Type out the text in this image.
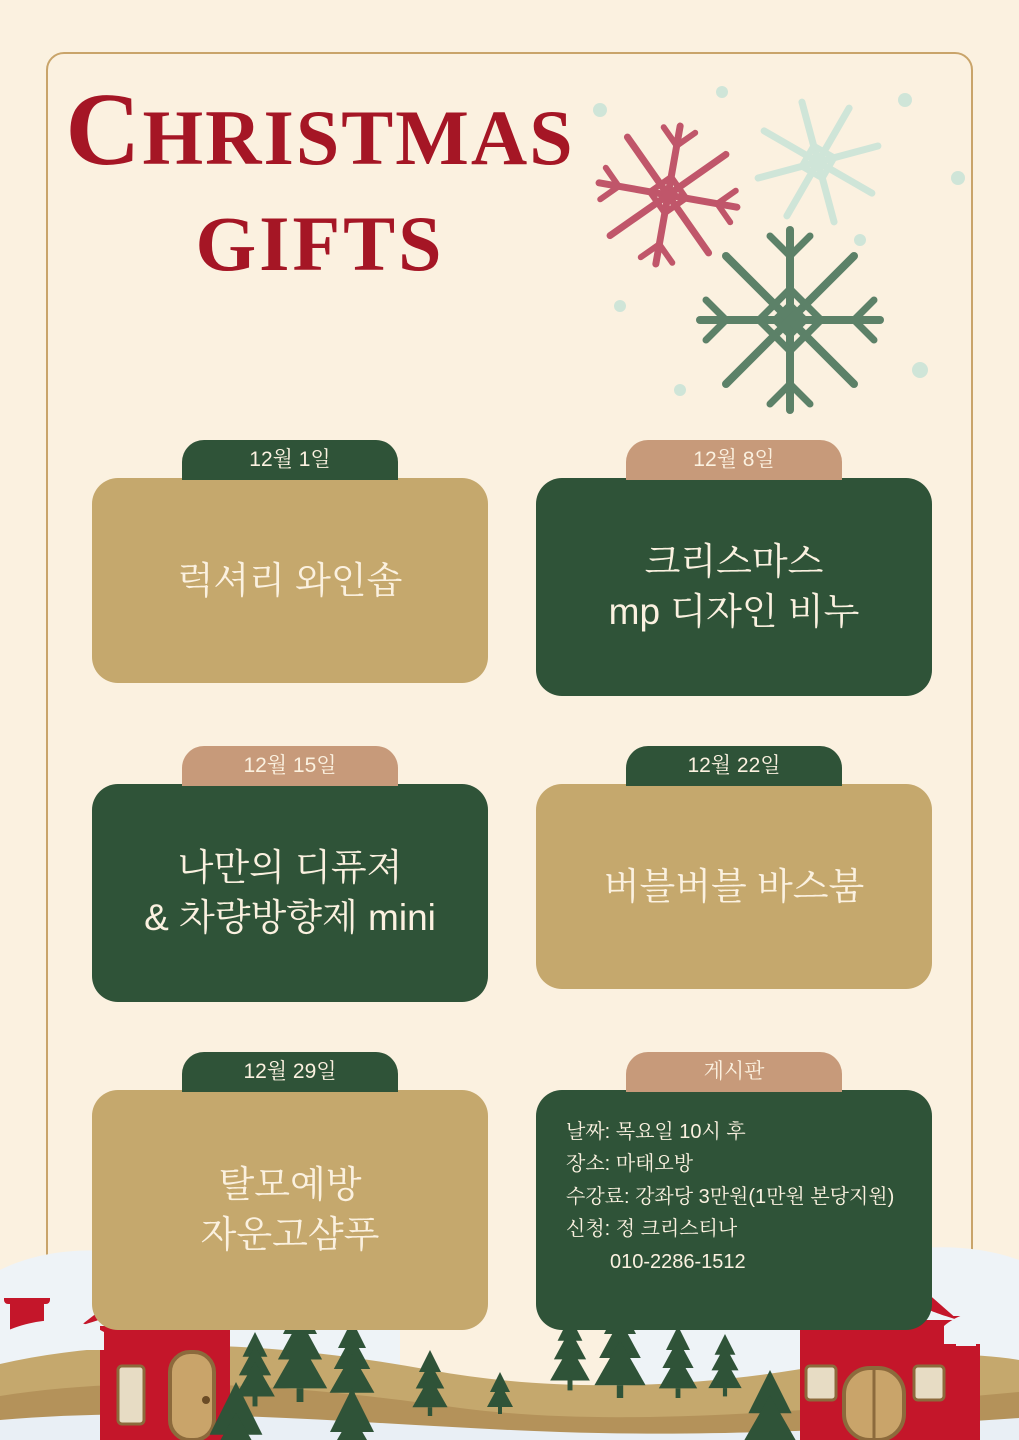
CHRISTMAS
GIFTS
12월 1일
럭셔리 와인솝
12월 8일
크리스마스
mp 디자인 비누
12월 15일
나만의 디퓨져
& 차량방향제 mini
12월 22일
버블버블 바스붐
12월 29일
탈모예방
자운고샴푸
게시판
날짜: 목요일 10시 후
장소: 마태오방
수강료: 강좌당 3만원(1만원 본당지원)
신청: 정 크리스티나
010-2286-1512
